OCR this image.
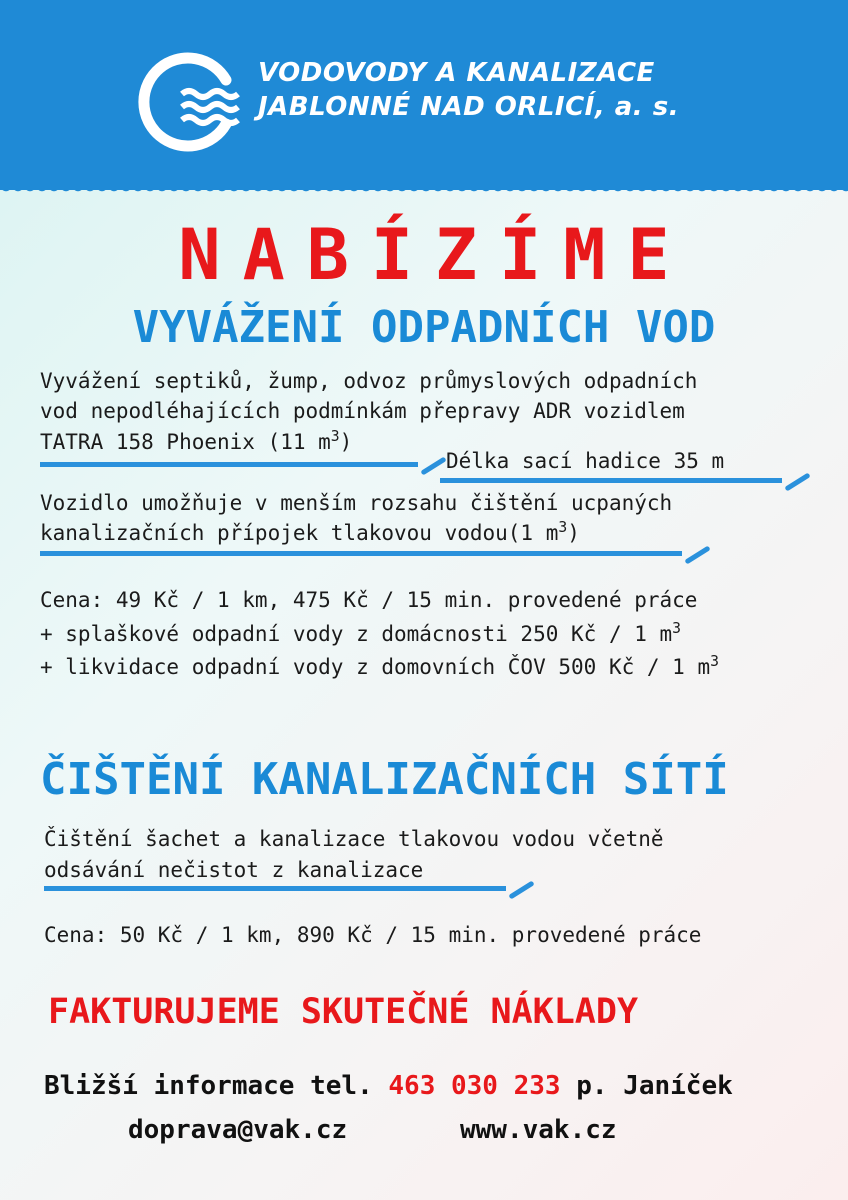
VODOVODY A KANALIZACE
JABLONNÉ NAD ORLICÍ, a. s.
NABÍZÍME
VYVÁŽENÍ ODPADNÍCH VOD
Vyvážení septiků, žump, odvoz průmyslových odpadních
vod nepodléhajících podmínkám přepravy ADR vozidlem
TATRA 158 Phoenix (11 $m^3$)
Délka sací hadice 35 m
Vozidlo umožňuje v menším rozsahu čištění ucpaných
kanalizačních přípojek tlakovou vodou(1 $m^3$)
Cena: 49 Kč / 1 km, 475 Kč / 15 min. provedené práce
+ splaškové odpadní vody z domácnosti 250 Kč / 1 $m^3$
+ likvidace odpadní vody z domovních ČOV 500 Kč / 1 $m^3$
ČIŠTĚNÍ KANALIZAČNÍCH SÍTÍ
Čištění šachet a kanalizace tlakovou vodou včetně
odsávání nečistot z kanalizace
Cena: 50 Kč / 1 km, 890 Kč / 15 min. provedené práce
FAKTURUJEME SKUTEČNÉ NÁKLADY
Bližší informace tel. 463 030 233 p. Janíček
doprava@vak.cz	www.vak.cz
